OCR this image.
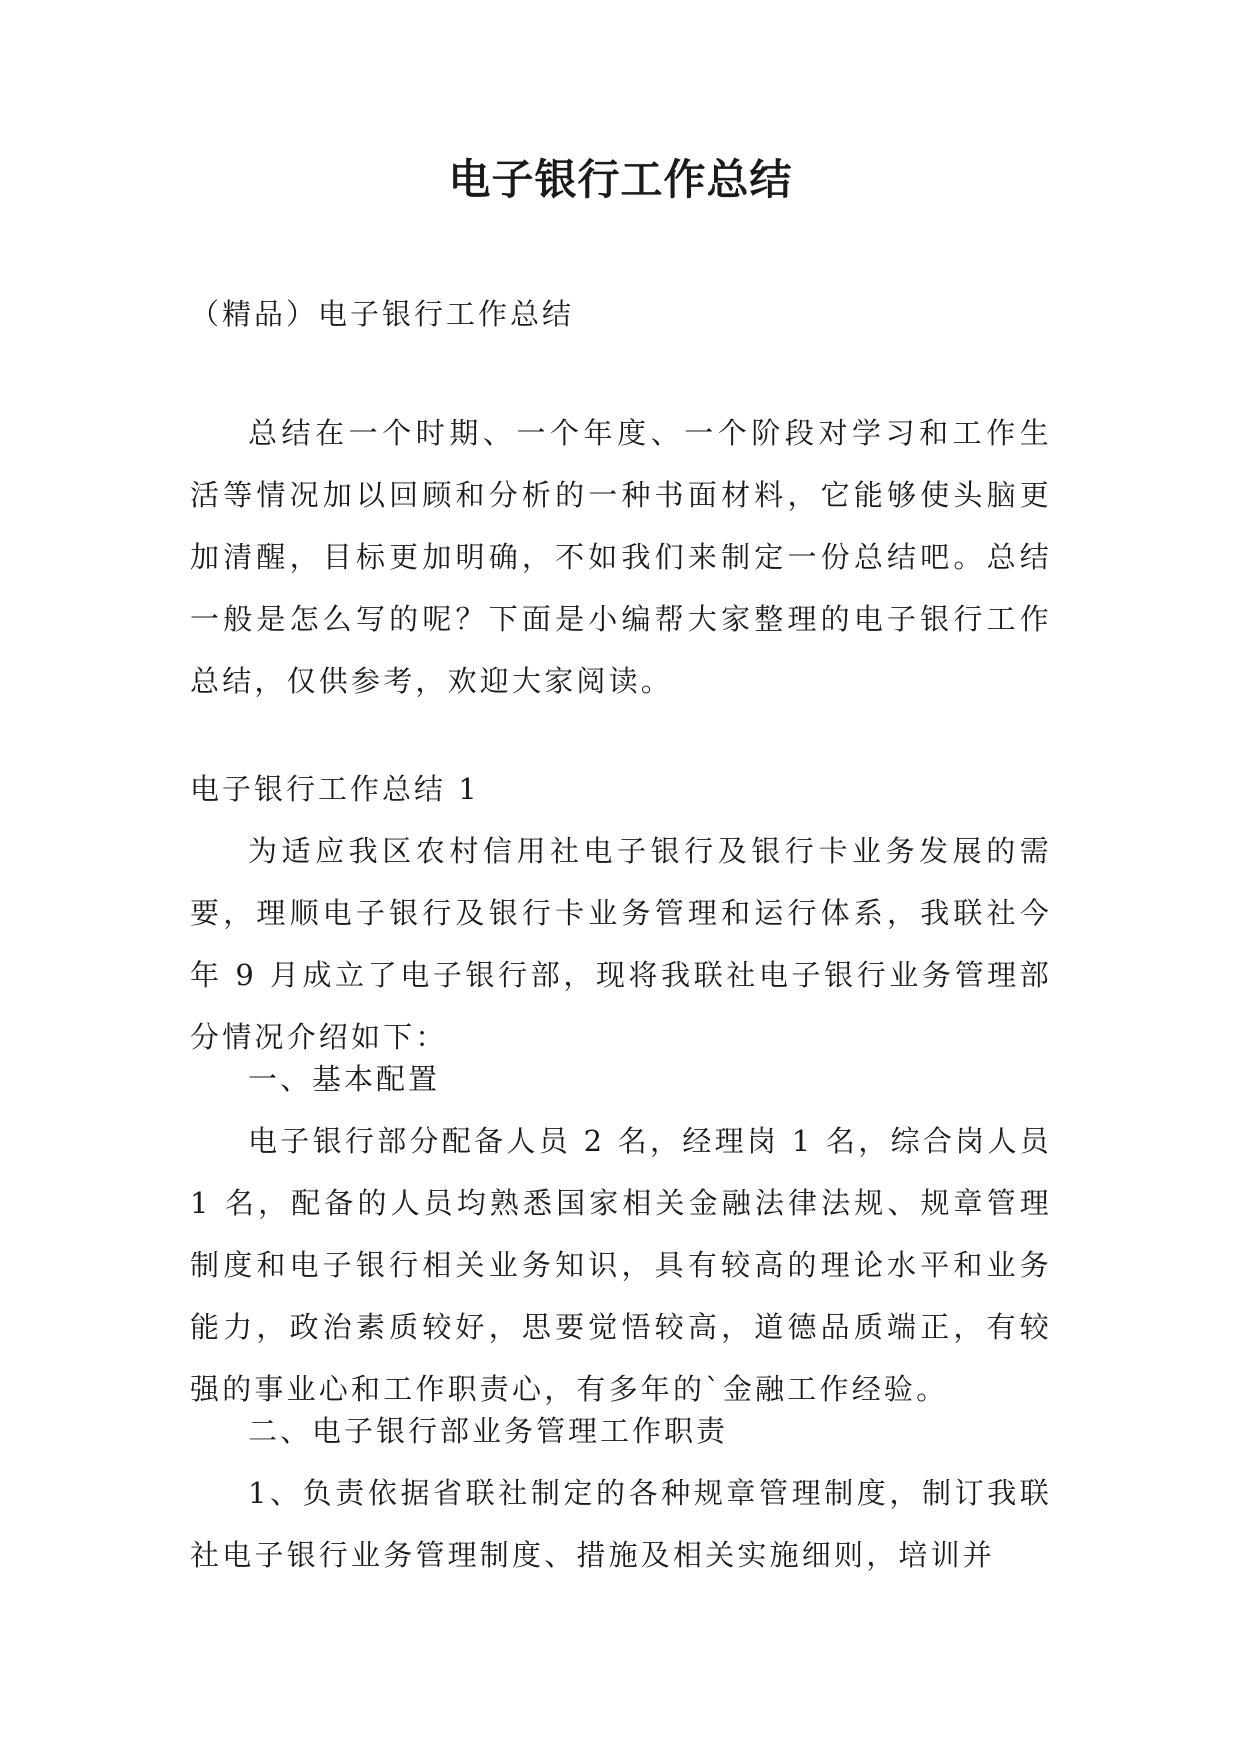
电子银行工作总结

（精品）电子银行工作总结

总结在一个时期、一个年度、一个阶段对学习和工作生活等情况加以回顾和分析的一种书面材料，它能够使头脑更加清醒，目标更加明确，不如我们来制定一份总结吧。总结一般是怎么写的呢？下面是小编帮大家整理的电子银行工作总结，仅供参考，欢迎大家阅读。

电子银行工作总结 1

为适应我区农村信用社电子银行及银行卡业务发展的需要，理顺电子银行及银行卡业务管理和运行体系，我联社今年 9 月成立了电子银行部，现将我联社电子银行业务管理部分情况介绍如下：

一、基本配置

电子银行部分配备人员 2 名，经理岗 1 名，综合岗人员 1 名，配备的人员均熟悉国家相关金融法律法规、规章管理制度和电子银行相关业务知识，具有较高的理论水平和业务能力，政治素质较好，思要觉悟较高，道德品质端正，有较强的事业心和工作职责心，有多年的`金融工作经验。

二、电子银行部业务管理工作职责

1、负责依据省联社制定的各种规章管理制度，制订我联社电子银行业务管理制度、措施及相关实施细则，培训并
